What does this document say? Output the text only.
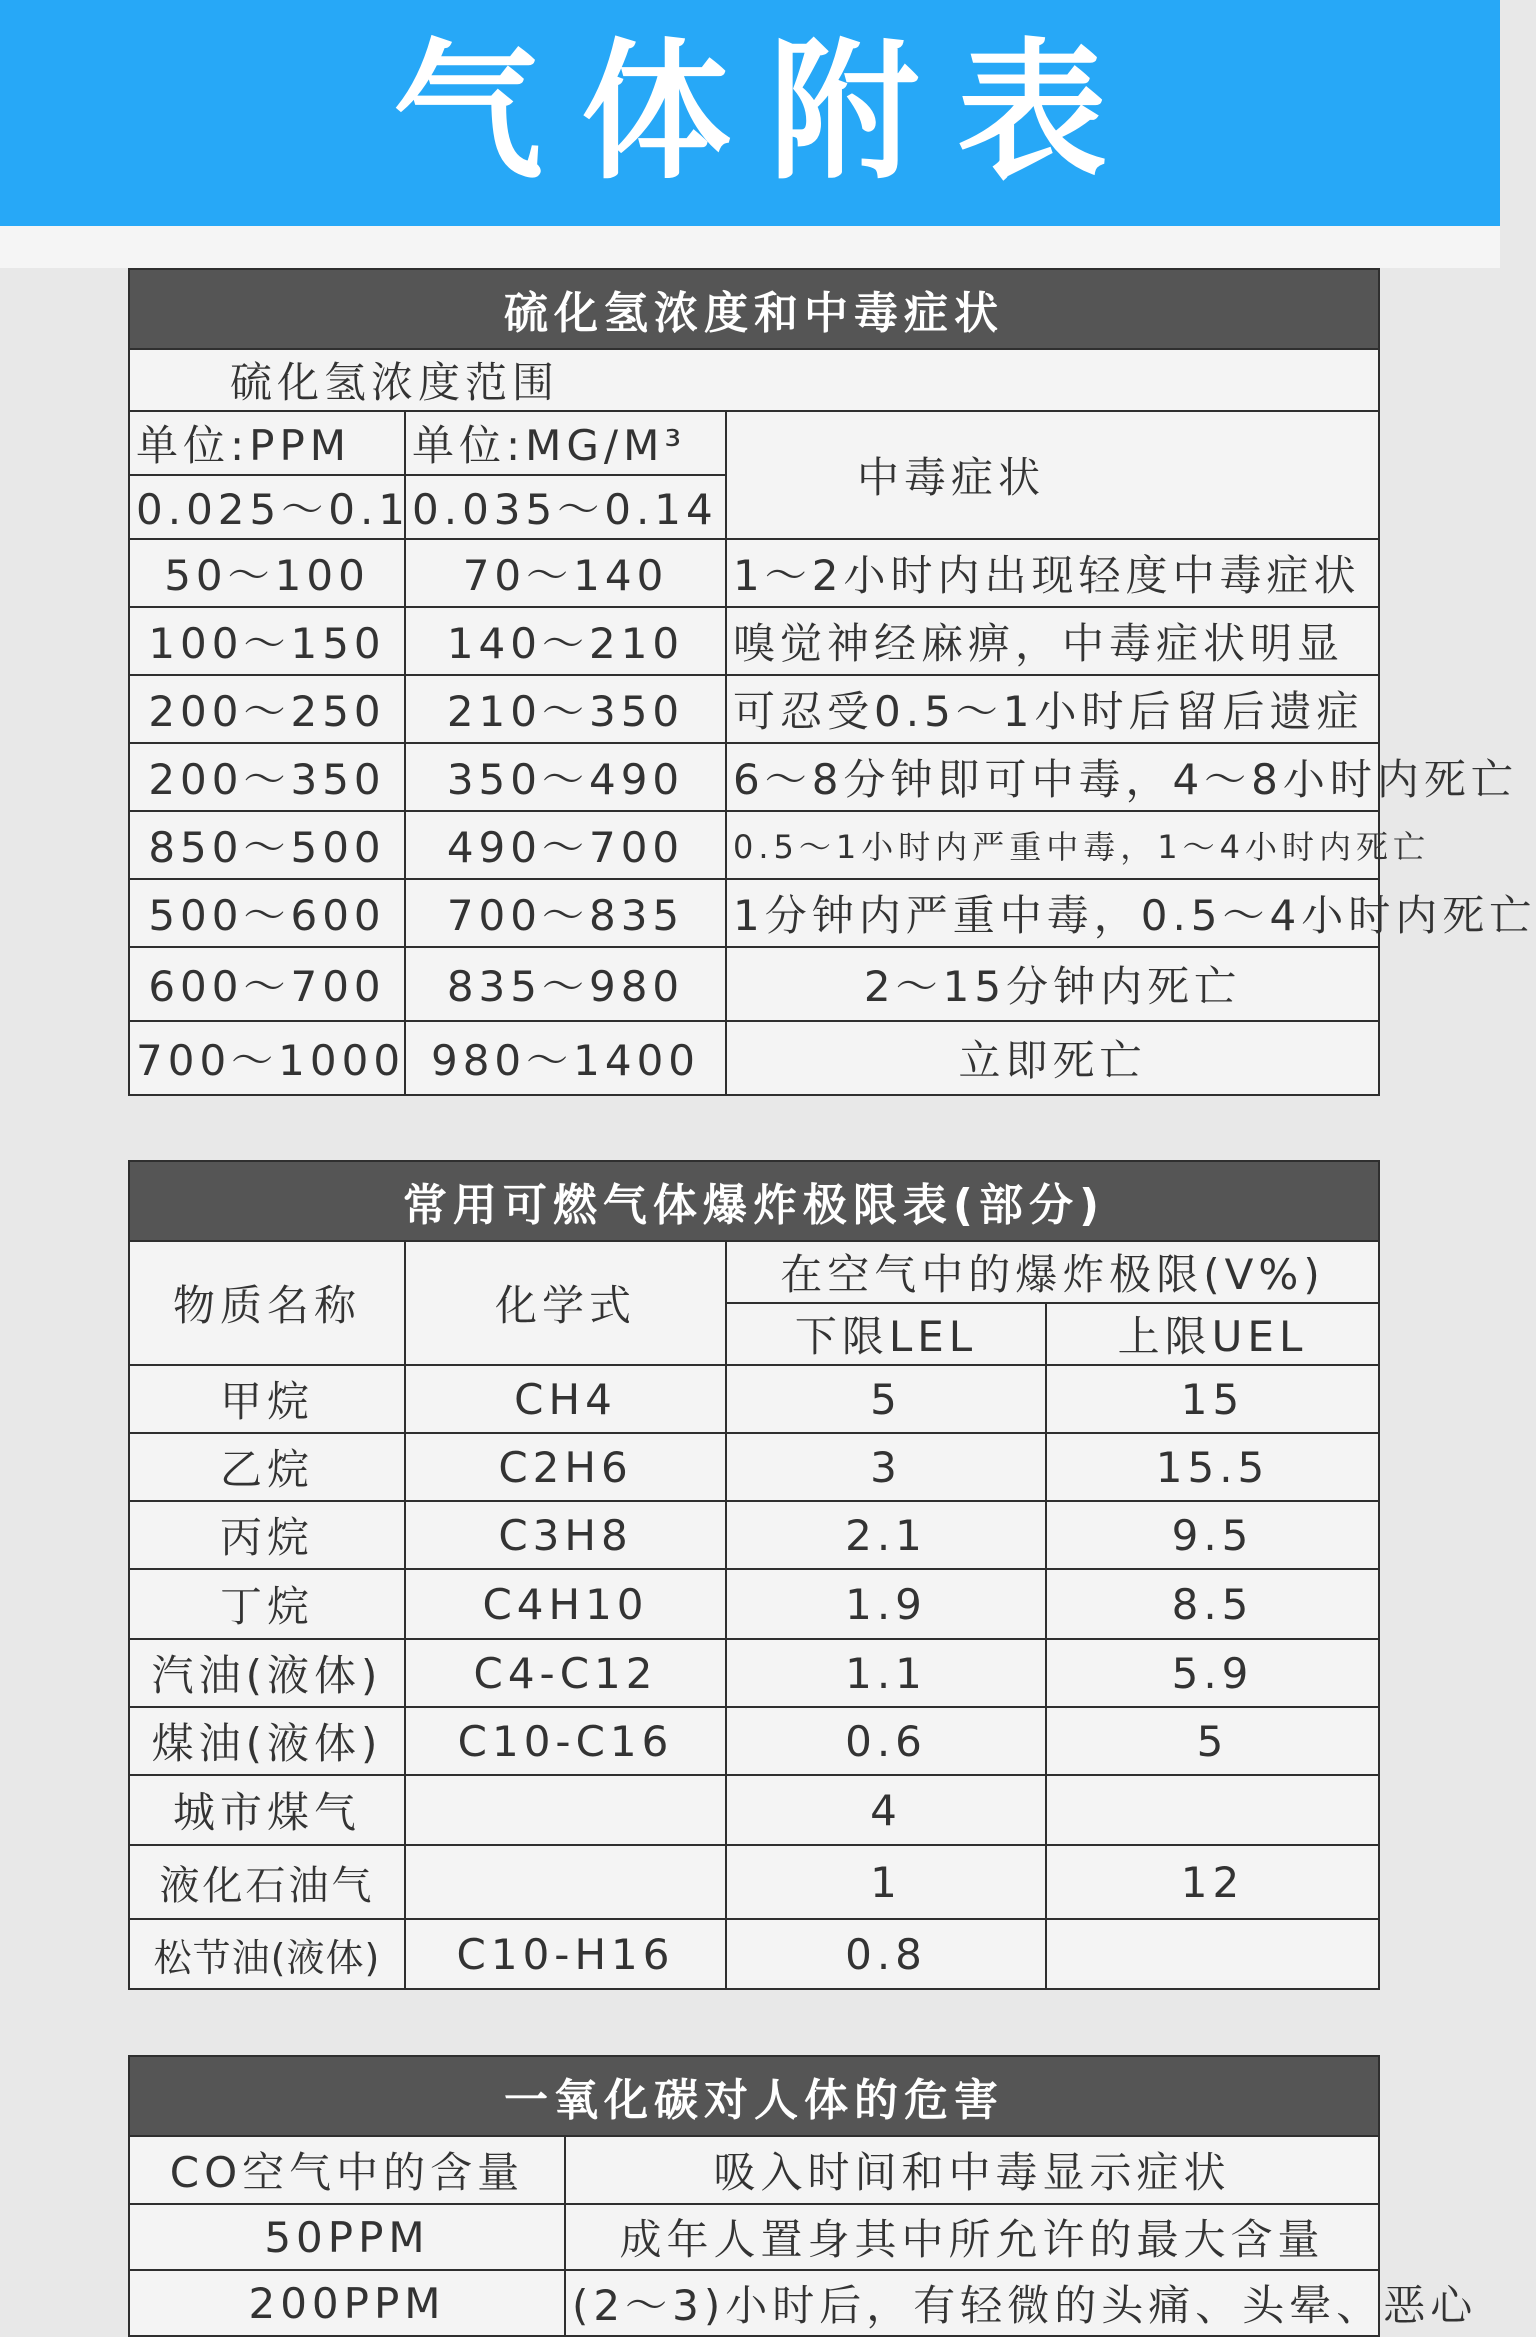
气体附表
硫化氢浓度和中毒症状		
硫化氢浓度范围		
单位:PPM	单位:MG/M³	中毒症状
0.025～0.1	0.035～0.14	
50～100	70～140	1～2小时内出现轻度中毒症状
100～150	140～210	嗅觉神经麻痹，中毒症状明显
200～250	210～350	可忍受0.5～1小时后留后遗症
200～350	350～490	6～8分钟即可中毒，4～8小时内死亡
850～500	490～700	0.5～1小时内严重中毒，1～4小时内死亡
500～600	700～835	1分钟内严重中毒，0.5～4小时内死亡
600～700	835～980	2～15分钟内死亡
700～1000	980～1400	立即死亡
常用可燃气体爆炸极限表(部分)			
物质名称	化学式	在空气中的爆炸极限(V%)	
		下限LEL	上限UEL
甲烷	CH4	5	15
乙烷	C2H6	3	15.5
丙烷	C3H8	2.1	9.5
丁烷	C4H10	1.9	8.5
汽油(液体)	C4-C12	1.1	5.9
煤油(液体)	C10-C16	0.6	5
城市煤气		4	
液化石油气		1	12
松节油(液体)	C10-H16	0.8	
一氧化碳对人体的危害	
CO空气中的含量	吸入时间和中毒显示症状
50PPM	成年人置身其中所允许的最大含量
200PPM	(2～3)小时后，有轻微的头痛、头晕、恶心
